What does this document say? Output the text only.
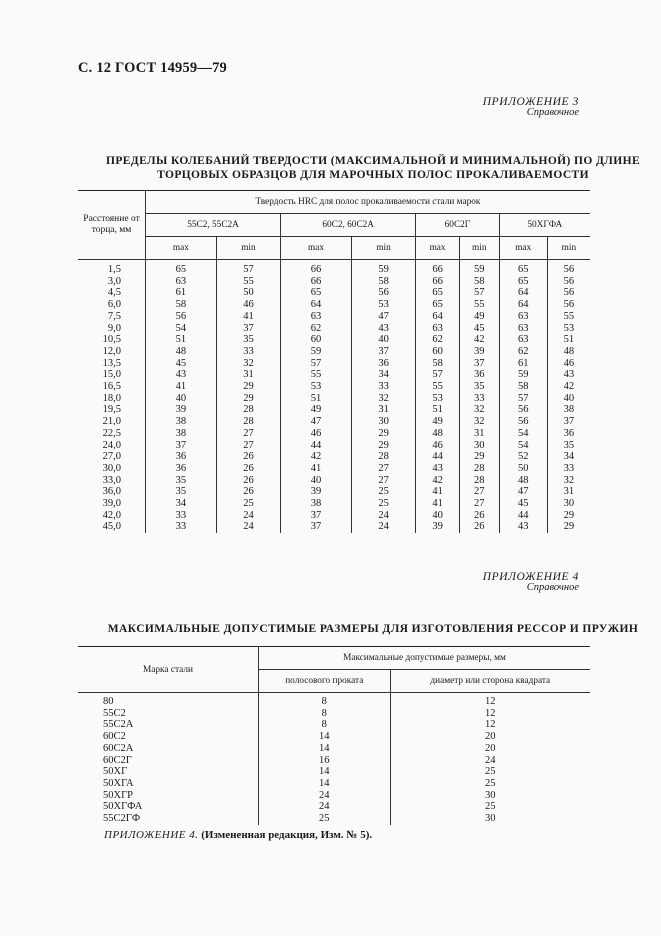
С. 12 ГОСТ 14959—79
ПРИЛОЖЕНИЕ 3
Справочное
ПРЕДЕЛЫ КОЛЕБАНИЙ ТВЕРДОСТИ (МАКСИМАЛЬНОЙ И МИНИМАЛЬНОЙ) ПО ДЛИНЕ
ТОРЦОВЫХ ОБРАЗЦОВ ДЛЯ МАРОЧНЫХ ПОЛОС ПРОКАЛИВАЕМОСТИ
Расстояние от торца, мм	Твердость HRC для полос прокаливаемости стали марок							
	55С2, 55С2А		60С2, 60С2А		60С2Г		50ХГФА	
	max	min	max	min	max	min	max	min
1,5	65	57	66	59	66	59	65	56
3,0	63	55	66	58	66	58	65	56
4,5	61	50	65	56	65	57	64	56
6,0	58	46	64	53	65	55	64	56
7,5	56	41	63	47	64	49	63	55
9,0	54	37	62	43	63	45	63	53
10,5	51	35	60	40	62	42	63	51
12,0	48	33	59	37	60	39	62	48
13,5	45	32	57	36	58	37	61	46
15,0	43	31	55	34	57	36	59	43
16,5	41	29	53	33	55	35	58	42
18,0	40	29	51	32	53	33	57	40
19,5	39	28	49	31	51	32	56	38
21,0	38	28	47	30	49	32	56	37
22,5	38	27	46	29	48	31	54	36
24,0	37	27	44	29	46	30	54	35
27,0	36	26	42	28	44	29	52	34
30,0	36	26	41	27	43	28	50	33
33,0	35	26	40	27	42	28	48	32
36,0	35	26	39	25	41	27	47	31
39,0	34	25	38	25	41	27	45	30
42,0	33	24	37	24	40	26	44	29
45,0	33	24	37	24	39	26	43	29
ПРИЛОЖЕНИЕ 4
Справочное
МАКСИМАЛЬНЫЕ ДОПУСТИМЫЕ РАЗМЕРЫ ДЛЯ ИЗГОТОВЛЕНИЯ РЕССОР И ПРУЖИН
Марка стали	Максимальные допустимые размеры, мм	
	полосового проката	диаметр или сторона квадрата
80	8	12
55С2	8	12
55С2А	8	12
60С2	14	20
60С2А	14	20
60С2Г	16	24
50ХГ	14	25
50ХГА	14	25
50ХГР	24	30
50ХГФА	24	25
55С2ГФ	25	30
ПРИЛОЖЕНИЕ 4. (Измененная редакция, Изм. № 5).
